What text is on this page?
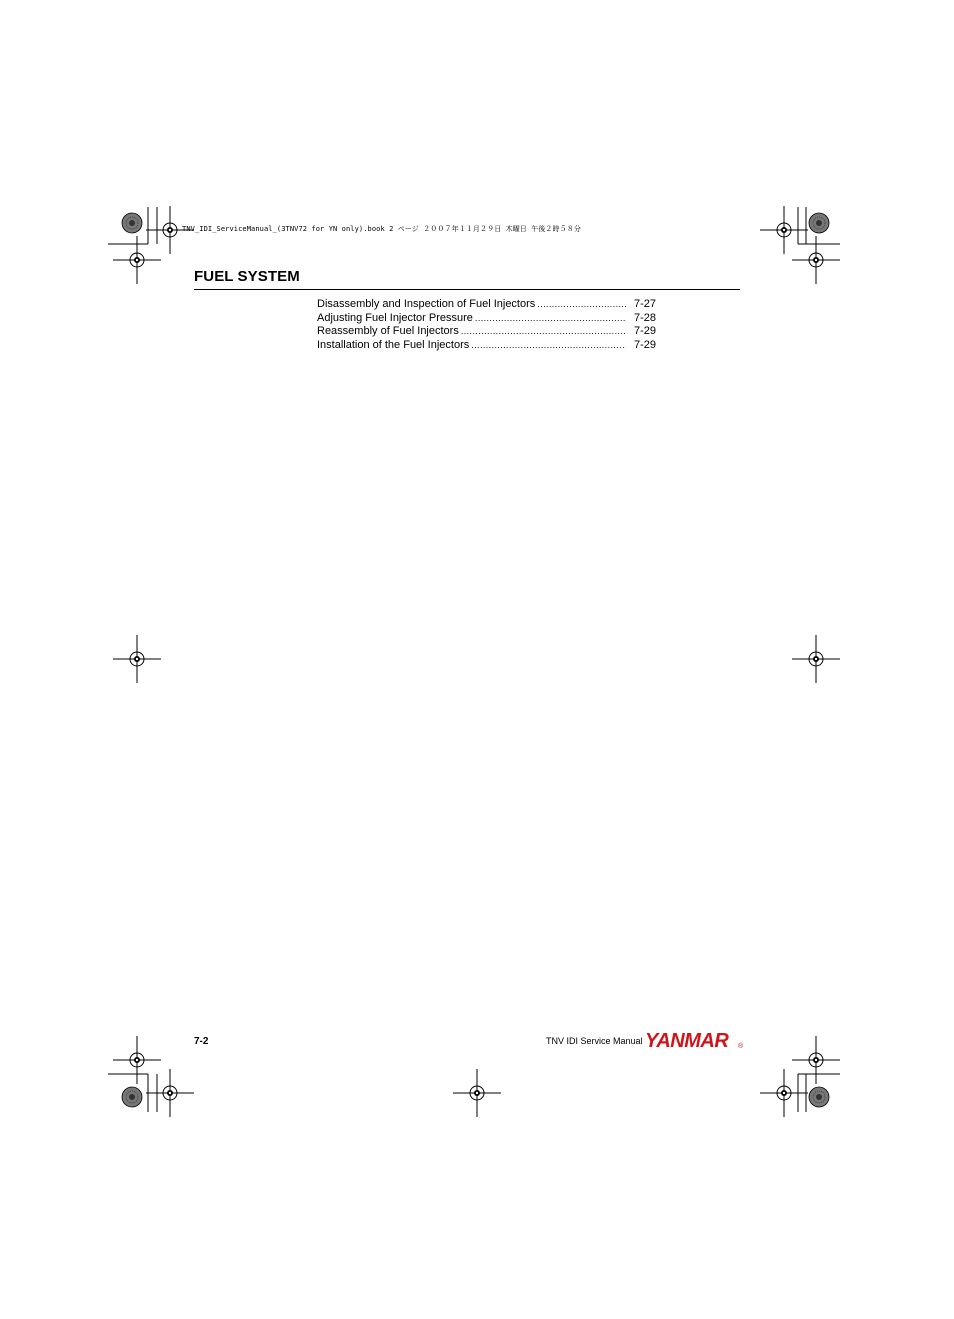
TNV_IDI_ServiceManual_(3TNV72 for YN only).book 2 ページ ２００７年１１月２９日 木曜日 午後２時５８分
FUEL SYSTEM
Disassembly and Inspection of Fuel Injectors .....	7-27
Adjusting Fuel Injector Pressure .....	7-28
Reassembly of Fuel Injectors .....	7-29
Installation of the Fuel Injectors .....	7-29
7-2	TNV IDI Service Manual YANMAR ®
